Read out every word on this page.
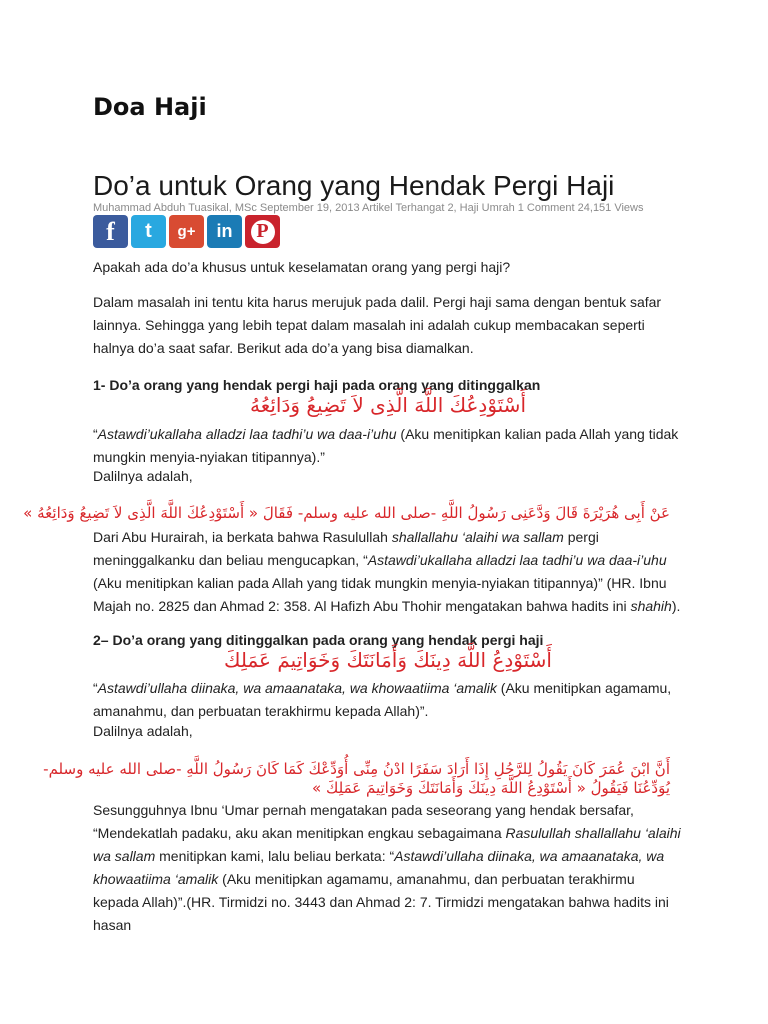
Doa Haji
Do’a untuk Orang yang Hendak Pergi Haji
Muhammad Abduh Tuasikal, MSc September 19, 2013 Artikel Terhangat 2, Haji Umrah 1 Comment 24,151 Views
f t g+ in P

Apakah ada do’a khusus untuk keselamatan orang yang pergi haji?

Dalam masalah ini tentu kita harus merujuk pada dalil. Pergi haji sama dengan bentuk safar lainnya. Sehingga yang lebih tepat dalam masalah ini adalah cukup membacakan seperti halnya do’a saat safar. Berikut ada do’a yang bisa diamalkan.

1- Do’a orang yang hendak pergi haji pada orang yang ditinggalkan

أَسْتَوْدِعُكَ اللَّهَ الَّذِى لاَ تَضِيعُ وَدَائِعُهُ

“Astawdi’ukallaha alladzi laa tadhi’u wa daa-i’uhu (Aku menitipkan kalian pada Allah yang tidak mungkin menyia-nyiakan titipannya).”

Dalilnya adalah,

عَنْ أَبِى هُرَيْرَةَ قَالَ وَدَّعَنِى رَسُولُ اللَّهِ -صلى الله عليه وسلم- فَقَالَ « أَسْتَوْدِعُكَ اللَّهَ الَّذِى لاَ تَضِيعُ وَدَائِعُهُ »

Dari Abu Hurairah, ia berkata bahwa Rasulullah shallallahu ‘alaihi wa sallam pergi meninggalkanku dan beliau mengucapkan, “Astawdi’ukallaha alladzi laa tadhi’u wa daa-i’uhu (Aku menitipkan kalian pada Allah yang tidak mungkin menyia-nyiakan titipannya)” (HR. Ibnu Majah no. 2825 dan Ahmad 2: 358. Al Hafizh Abu Thohir mengatakan bahwa hadits ini shahih).

2– Do’a orang yang ditinggalkan pada orang yang hendak pergi haji

أَسْتَوْدِعُ اللَّهَ دِينَكَ وَأَمَانَتَكَ وَخَوَاتِيمَ عَمَلِكَ

“Astawdi’ullaha diinaka, wa amaanataka, wa khowaatiima ‘amalik (Aku menitipkan agamamu, amanahmu, dan perbuatan terakhirmu kepada Allah)”.

Dalilnya adalah,

أَنَّ ابْنَ عُمَرَ كَانَ يَقُولُ لِلرَّجُلِ إِذَا أَرَادَ سَفَرًا ادْنُ مِنِّى أُوَدِّعْكَ كَمَا كَانَ رَسُولُ اللَّهِ -صلى الله عليه وسلم-

يُوَدِّعُنَا فَيَقُولُ « أَسْتَوْدِعُ اللَّهَ دِينَكَ وَأَمَانَتَكَ وَخَوَاتِيمَ عَمَلِكَ »

Sesungguhnya Ibnu ‘Umar pernah mengatakan pada seseorang yang hendak bersafar, “Mendekatlah padaku, aku akan menitipkan engkau sebagaimana Rasulullah shallallahu ‘alaihi wa sallam menitipkan kami, lalu beliau berkata: “Astawdi’ullaha diinaka, wa amaanataka, wa khowaatiima ‘amalik (Aku menitipkan agamamu, amanahmu, dan perbuatan terakhirmu kepada Allah)”.(HR. Tirmidzi no. 3443 dan Ahmad 2: 7. Tirmidzi mengatakan bahwa hadits ini hasan
